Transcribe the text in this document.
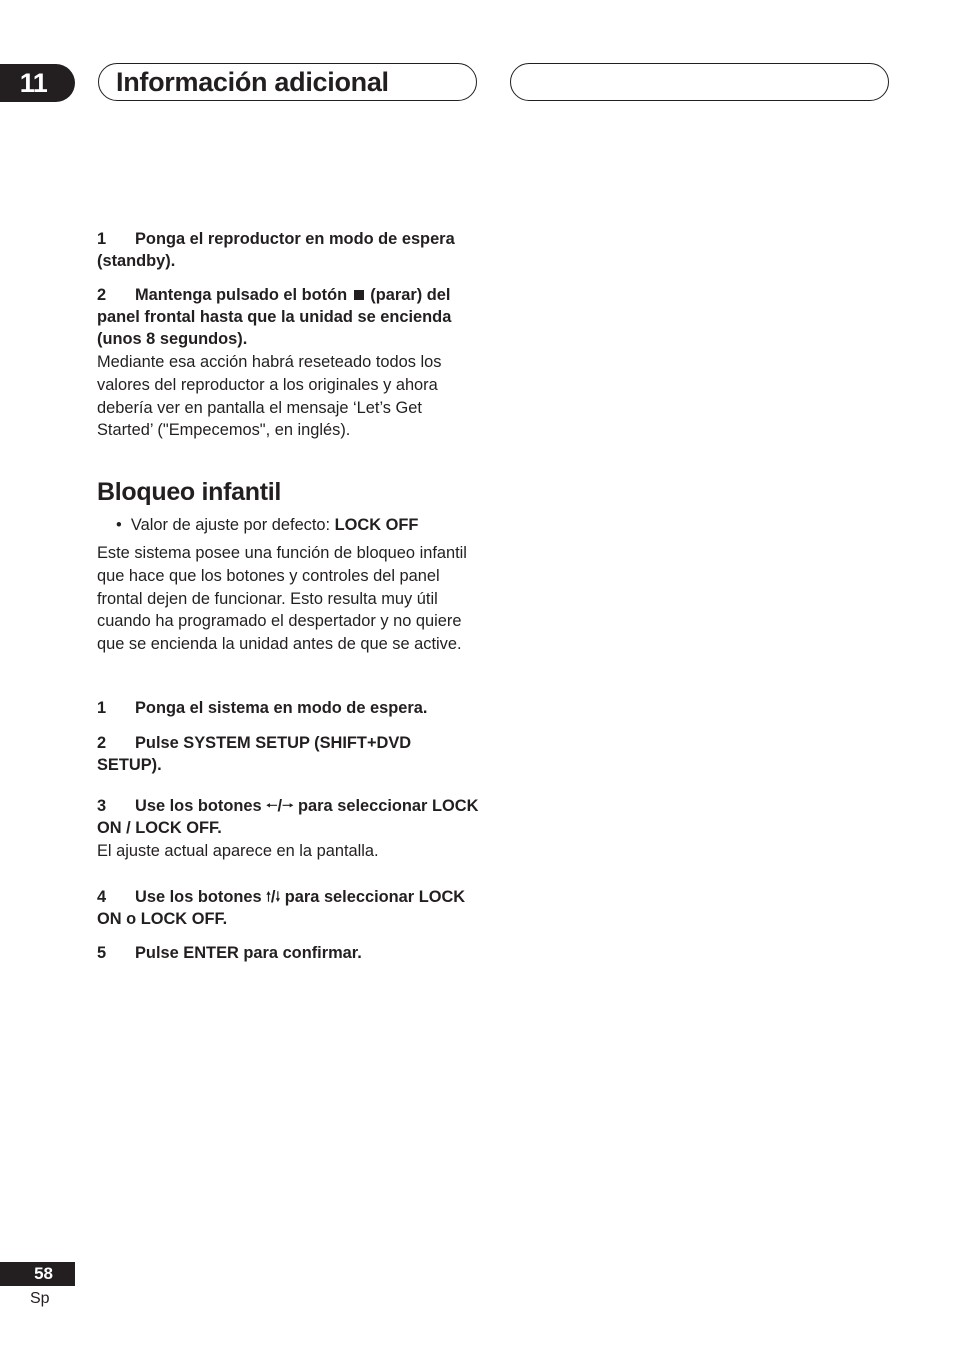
11	Información adicional

1 Ponga el reproductor en modo de espera (standby).

2 Mantenga pulsado el botón (parar) del panel frontal hasta que la unidad se encienda (unos 8 segundos).

Mediante esa acción habrá reseteado todos los valores del reproductor a los originales y ahora debería ver en pantalla el mensaje ‘Let’s Get Started’ ("Empecemos", en inglés).

Bloqueo infantil

•  Valor de ajuste por defecto: LOCK OFF

Este sistema posee una función de bloqueo infantil que hace que los botones y controles del panel frontal dejen de funcionar. Esto resulta muy útil cuando ha programado el despertador y no quiere que se encienda la unidad antes de que se active.

1 Ponga el sistema en modo de espera.

2 Pulse SYSTEM SETUP (SHIFT+DVD SETUP).

3 Use los botones 🠐/🠒 para seleccionar LOCK ON / LOCK OFF.

El ajuste actual aparece en la pantalla.

4 Use los botones 🠑/🠓 para seleccionar LOCK ON o LOCK OFF.

5 Pulse ENTER para confirmar.

58
Sp
